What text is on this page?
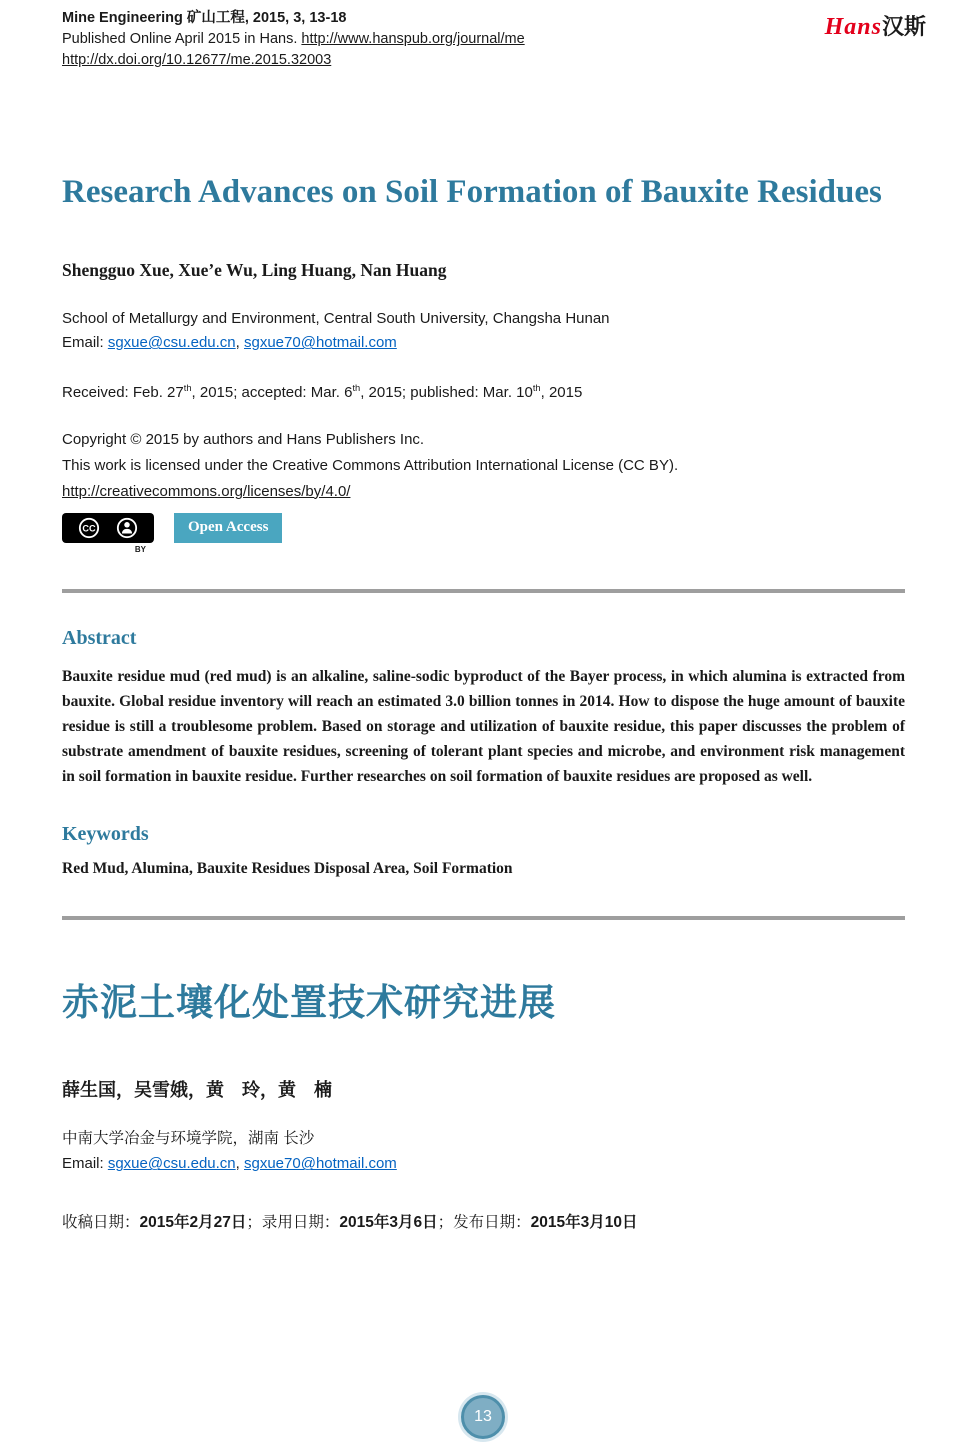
Mine Engineering 矿山工程, 2015, 3, 13-18
Published Online April 2015 in Hans. http://www.hanspub.org/journal/me
http://dx.doi.org/10.12677/me.2015.32003
Hans汉斯
Research Advances on Soil Formation of Bauxite Residues
Shengguo Xue, Xue’e Wu, Ling Huang, Nan Huang
School of Metallurgy and Environment, Central South University, Changsha Hunan
Email: sgxue@csu.edu.cn, sgxue70@hotmail.com
Received: Feb. 27th, 2015; accepted: Mar. 6th, 2015; published: Mar. 10th, 2015
Copyright © 2015 by authors and Hans Publishers Inc.
This work is licensed under the Creative Commons Attribution International License (CC BY).
http://creativecommons.org/licenses/by/4.0/
CC
BY
Open Access
Abstract

Bauxite residue mud (red mud) is an alkaline, saline-sodic byproduct of the Bayer process, in which alumina is extracted from bauxite. Global residue inventory will reach an estimated 3.0 billion tonnes in 2014. How to dispose the huge amount of bauxite residue is still a troublesome problem. Based on storage and utilization of bauxite residue, this paper discusses the problem of substrate amendment of bauxite residues, screening of tolerant plant species and microbe, and environment risk management in soil formation in bauxite residue. Further researches on soil formation of bauxite residues are proposed as well.

Keywords

Red Mud, Alumina, Bauxite Residues Disposal Area, Soil Formation

赤泥土壤化处置技术研究进展
薛生国，吴雪娥，黄　玲，黄　楠
中南大学冶金与环境学院，湖南 长沙
Email: sgxue@csu.edu.cn, sgxue70@hotmail.com
收稿日期：2015年2月27日；录用日期：2015年3月6日；发布日期：2015年3月10日
13
